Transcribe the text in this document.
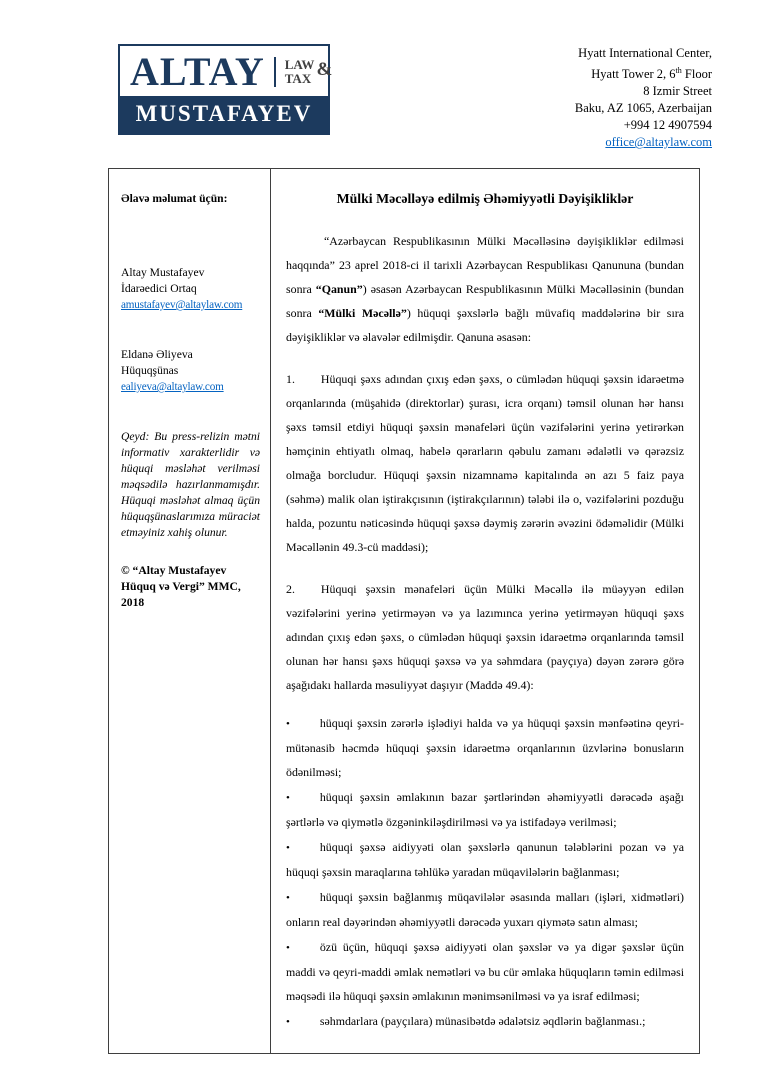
ALTAY	LAW
TAX &
MUSTAFAYEV
Hyatt International Center,
Hyatt Tower 2, 6th Floor
8 Izmir Street
Baku, AZ 1065, Azerbaijan
+994 12 4907594
office@altaylaw.com

Əlavə məlumat üçün:

Altay Mustafayev
İdarəedici Ortaq
amustafayev@altaylaw.com
Eldanə Əliyeva
Hüquqşünas
ealiyeva@altaylaw.com

Qeyd: Bu press-relizin mətni informativ xarakterlidir və hüquqi məsləhət verilməsi məqsədilə hazırlanmamışdır. Hüquqi məsləhət almaq üçün hüquqşünaslarımıza müraciət etməyiniz xahiş olunur.

© “Altay Mustafayev Hüquq və Vergi” MMC, 2018

Mülki Məcəlləyə edilmiş Əhəmiyyətli Dəyişikliklər

“Azərbaycan Respublikasının Mülki Məcəlləsinə dəyişikliklər edilməsi haqqında” 23 aprel 2018-ci il tarixli Azərbaycan Respublikası Qanununa (bundan sonra “Qanun”) əsasən Azərbaycan Respublikasının Mülki Məcəlləsinin (bundan sonra “Mülki Məcəllə”) hüquqi şəxslərlə bağlı müvafiq maddələrinə bir sıra dəyişikliklər və əlavələr edilmişdir. Qanuna əsasən:

1. Hüquqi şəxs adından çıxış edən şəxs, o cümlədən hüquqi şəxsin idarəetmə orqanlarında (müşahidə (direktorlar) şurası, icra orqanı) təmsil olunan hər hansı şəxs təmsil etdiyi hüquqi şəxsin mənafeləri üçün vəzifələrini yerinə yetirərkən həmçinin ehtiyatlı olmaq, habelə qərarların qəbulu zamanı ədalətli və qərəzsiz olmağa borcludur. Hüquqi şəxsin nizamnamə kapitalında ən azı 5 faiz paya (səhmə) malik olan iştirakçısının (iştirakçılarının) tələbi ilə o, vəzifələrini pozduğu halda, pozuntu nəticəsində hüquqi şəxsə dəymiş zərərin əvəzini ödəməlidir (Mülki Məcəllənin 49.3-cü maddəsi);

2. Hüquqi şəxsin mənafeləri üçün Mülki Məcəllə ilə müəyyən edilən vəzifələrini yerinə yetirməyən və ya lazımınca yerinə yetirməyən hüquqi şəxs adından çıxış edən şəxs, o cümlədən hüquqi şəxsin idarəetmə orqanlarında təmsil olunan hər hansı şəxs hüquqi şəxsə və ya səhmdara (payçıya) dəyən zərərə görə aşağıdakı hallarda məsuliyyət daşıyır (Maddə 49.4):

•	hüquqi şəxsin zərərlə işlədiyi halda və ya hüquqi şəxsin mənfəətinə qeyri-mütənasib həcmdə hüquqi şəxsin idarəetmə orqanlarının üzvlərinə bonusların ödənilməsi;

•	hüquqi şəxsin əmlakının bazar şərtlərindən əhəmiyyətli dərəcədə aşağı şərtlərlə və qiymətlə özgəninkiləşdirilməsi və ya istifadəyə verilməsi;

•	hüquqi şəxsə aidiyyəti olan şəxslərlə qanunun tələblərini pozan və ya hüquqi şəxsin maraqlarına təhlükə yaradan müqavilələrin bağlanması;

•	hüquqi şəxsin bağlanmış müqavilələr əsasında malları (işləri, xidmətləri) onların real dəyərindən əhəmiyyətli dərəcədə yuxarı qiymətə satın alması;

•	özü üçün, hüquqi şəxsə aidiyyəti olan şəxslər və ya digər şəxslər üçün maddi və qeyri-maddi əmlak nemətləri və bu cür əmlaka hüquqların təmin edilməsi məqsədi ilə hüquqi şəxsin əmlakının mənimsənilməsi və ya israf edilməsi;

•	səhmdarlara (payçılara) münasibətdə ədalətsiz əqdlərin bağlanması.;
